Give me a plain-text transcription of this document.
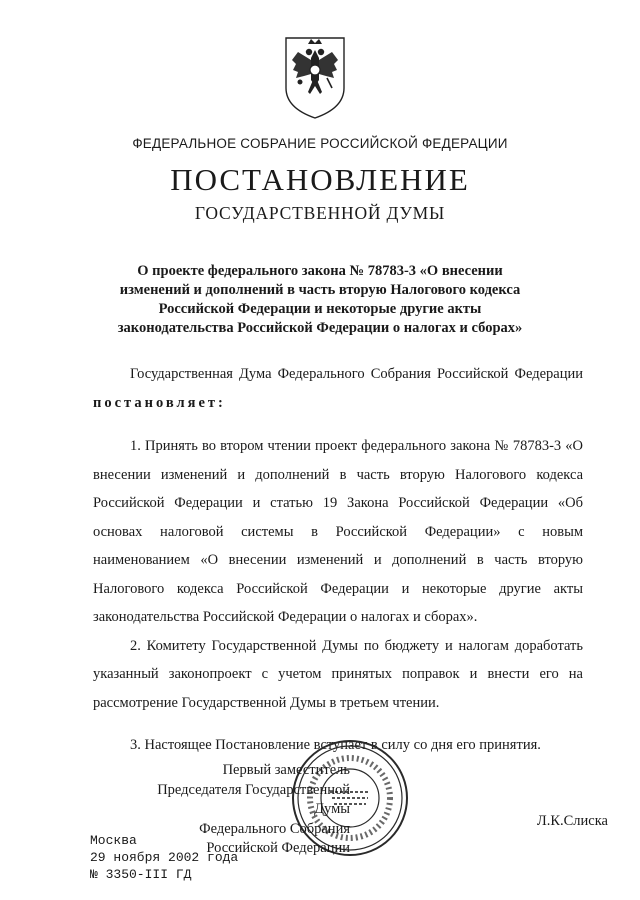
ФЕДЕРАЛЬНОЕ СОБРАНИЕ РОССИЙСКОЙ ФЕДЕРАЦИИ
ПОСТАНОВЛЕНИЕ
ГОСУДАРСТВЕННОЙ ДУМЫ
О проекте федерального закона № 78783-3 «О внесении изменений и дополнений в часть вторую Налогового кодекса Российской Федерации и некоторые другие акты законодательства Российской Федерации о налогах и сборах»
Государственная Дума Федерального Собрания Российской Федерации постановляет:

1. Принять во втором чтении проект федерального закона № 78783-3 «О внесении изменений и дополнений в часть вторую Налогового кодекса Российской Федерации и статью 19 Закона Российской Федерации «Об основах налоговой системы в Российской Федерации» с новым наименованием «О внесении изменений и дополнений в часть вторую Налогового кодекса Российской Федерации и некоторые другие акты законодательства Российской Федерации о налогах и сборах».

2. Комитету Государственной Думы по бюджету и налогам доработать указанный законопроект с учетом принятых поправок и внести его на рассмотрение Государственной Думы в третьем чтении.

3. Настоящее Постановление вступает в силу со дня его принятия.

Первый заместитель
Председателя Государственной Думы
Федерального Собрания
Российской Федерации
Л.К.Слиска
Москва
29 ноября 2002 года
№ 3350-III ГД
